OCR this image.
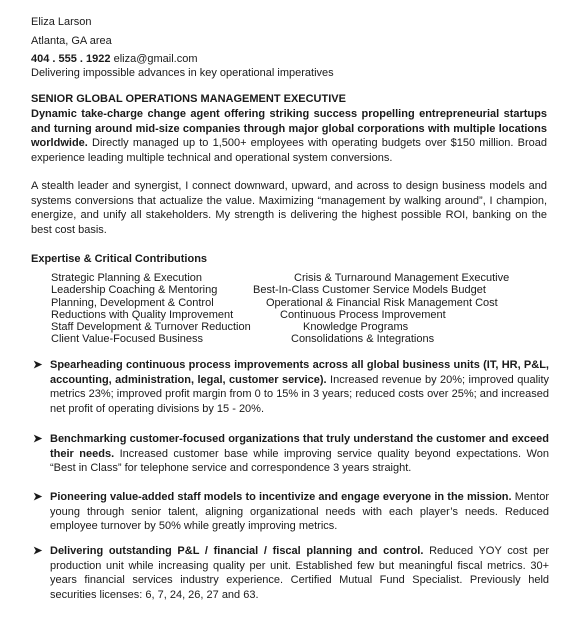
Eliza Larson
Atlanta, GA area
404 . 555 . 1922 eliza@gmail.com
Delivering impossible advances in key operational imperatives
SENIOR GLOBAL OPERATIONS MANAGEMENT EXECUTIVE
Dynamic take-charge change agent offering striking success propelling entrepreneurial startups and turning around mid-size companies through major global corporations with multiple locations worldwide. Directly managed up to 1,500+ employees with operating budgets over $150 million. Broad experience leading multiple technical and operational system conversions.
A stealth leader and synergist, I connect downward, upward, and across to design business models and systems conversions that actualize the value. Maximizing “management by walking around”, I champion, energize, and unify all stakeholders. My strength is delivering the highest possible ROI, banking on the best cost basis.
Expertise & Critical Contributions
Strategic Planning & Execution
Leadership Coaching & Mentoring
Planning, Development & Control
Reductions with Quality Improvement
Staff Development & Turnover Reduction
Client Value-Focused Business
Crisis & Turnaround Management Executive
Best-In-Class Customer Service Models Budget
Operational & Financial Risk Management Cost
Continuous Process Improvement
Knowledge Programs
Consolidations & Integrations
➤ Spearheading continuous process improvements across all global business units (IT, HR, P&L, accounting, administration, legal, customer service). Increased revenue by 20%; improved quality metrics 23%; improved profit margin from 0 to 15% in 3 years; reduced costs over 25%; and increased net profit of operating divisions by 15 - 20%.
➤ Benchmarking customer-focused organizations that truly understand the customer and exceed their needs. Increased customer base while improving service quality beyond expectations. Won “Best in Class” for telephone service and correspondence 3 years straight.
➤ Pioneering value-added staff models to incentivize and engage everyone in the mission. Mentor young through senior talent, aligning organizational needs with each player’s needs. Reduced employee turnover by 50% while greatly improving metrics.
➤ Delivering outstanding P&L / financial / fiscal planning and control. Reduced YOY cost per production unit while increasing quality per unit. Established few but meaningful fiscal metrics. 30+ years financial services industry experience. Certified Mutual Fund Specialist. Previously held securities licenses: 6, 7, 24, 26, 27 and 63.
